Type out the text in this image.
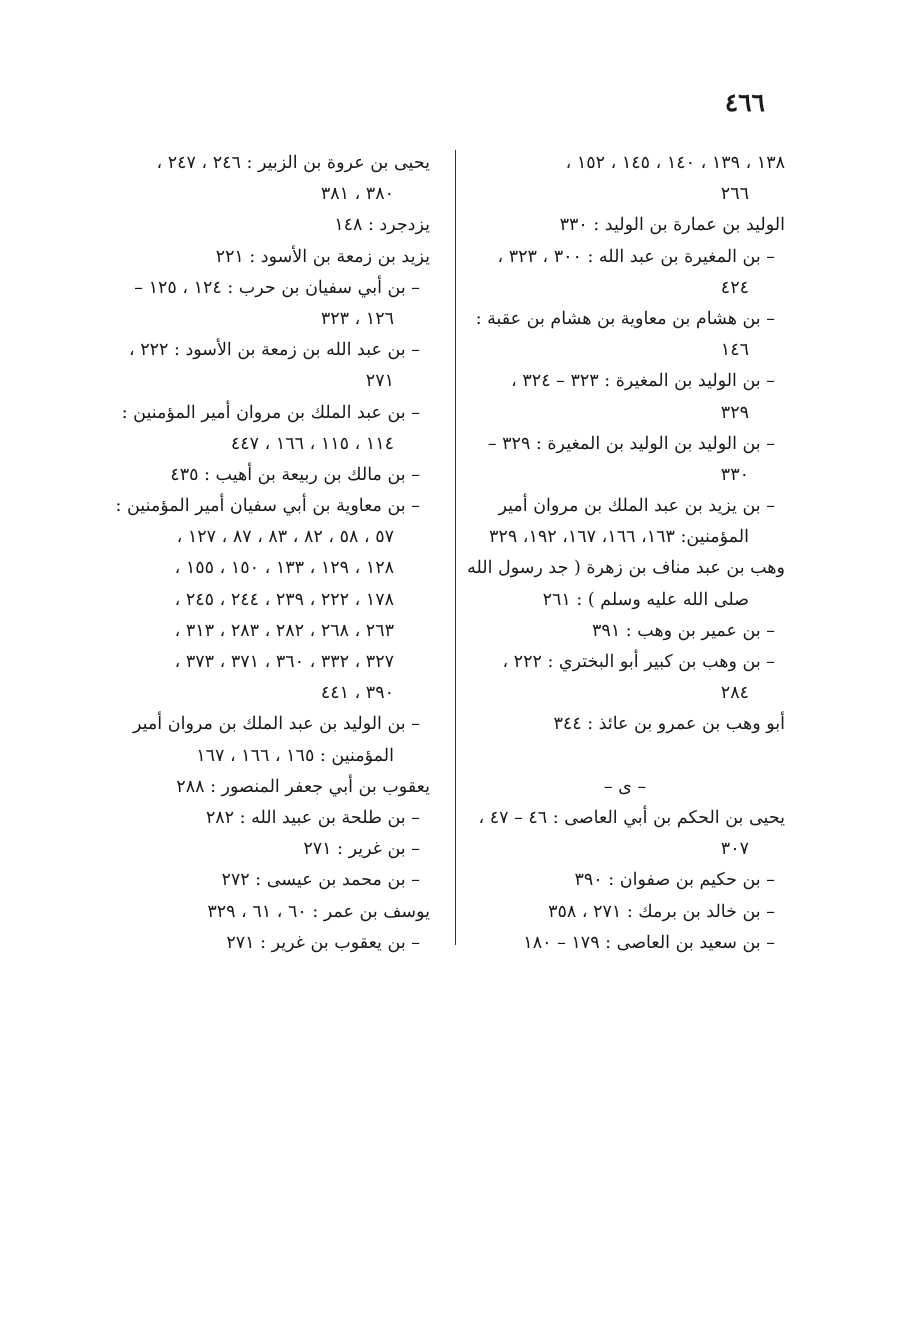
٤٦٦
١٣٨ ، ١٣٩ ، ١٤٠ ، ١٤٥ ، ١٥٢ ،
٢٦٦
الوليد بن عمارة بن الوليد : ٣٣٠
– بن المغيرة بن عبد الله : ٣٠٠ ، ٣٢٣ ،
٤٢٤
– بن هشام بن معاوية بن هشام بن عقبة :
١٤٦
– بن الوليد بن المغيرة : ٣٢٣ – ٣٢٤ ،
٣٢٩
– بن الوليد بن الوليد بن المغيرة : ٣٢٩ –
٣٣٠
– بن يزيد بن عبد الملك بن مروان أمير
المؤمنين: ١٦٣، ١٦٦، ١٦٧، ١٩٢، ٣٢٩
وهب بن عبد مناف بن زهرة ( جد رسول الله
صلى الله عليه وسلم ) : ٢٦١
– بن عمير بن وهب : ٣٩١
– بن وهب بن كبير أبو البختري : ٢٢٢ ،
٢٨٤
أبو وهب بن عمرو بن عائذ : ٣٤٤
– ى –
يحيى بن الحكم بن أبي العاصى : ٤٦ – ٤٧ ،
٣٠٧
– بن حكيم بن صفوان : ٣٩٠
– بن خالد بن برمك : ٢٧١ ، ٣٥٨
– بن سعيد بن العاصى : ١٧٩ – ١٨٠
يحيى بن عروة بن الزبير : ٢٤٦ ، ٢٤٧ ،
٣٨٠ ، ٣٨١
يزدجرد : ١٤٨
يزيد بن زمعة بن الأسود : ٢٢١
– بن أبي سفيان بن حرب : ١٢٤ ، ١٢٥ –
١٢٦ ، ٣٢٣
– بن عبد الله بن زمعة بن الأسود : ٢٢٢ ،
٢٧١
– بن عبد الملك بن مروان أمير المؤمنين :
١١٤ ، ١١٥ ، ١٦٦ ، ٤٤٧
– بن مالك بن ربيعة بن أهيب : ٤٣٥
– بن معاوية بن أبي سفيان أمير المؤمنين :
٥٧ ، ٥٨ ، ٨٢ ، ٨٣ ، ٨٧ ، ١٢٧ ،
١٢٨ ، ١٢٩ ، ١٣٣ ، ١٥٠ ، ١٥٥ ،
١٧٨ ، ٢٢٢ ، ٢٣٩ ، ٢٤٤ ، ٢٤٥ ،
٢٦٣ ، ٢٦٨ ، ٢٨٢ ، ٢٨٣ ، ٣١٣ ،
٣٢٧ ، ٣٣٢ ، ٣٦٠ ، ٣٧١ ، ٣٧٣ ،
٣٩٠ ، ٤٤١
– بن الوليد بن عبد الملك بن مروان أمير
المؤمنين : ١٦٥ ، ١٦٦ ، ١٦٧
يعقوب بن أبي جعفر المنصور : ٢٨٨
– بن طلحة بن عبيد الله : ٢٨٢
– بن غرير : ٢٧١
– بن محمد بن عيسى : ٢٧٢
يوسف بن عمر : ٦٠ ، ٦١ ، ٣٢٩
– بن يعقوب بن غرير : ٢٧١
